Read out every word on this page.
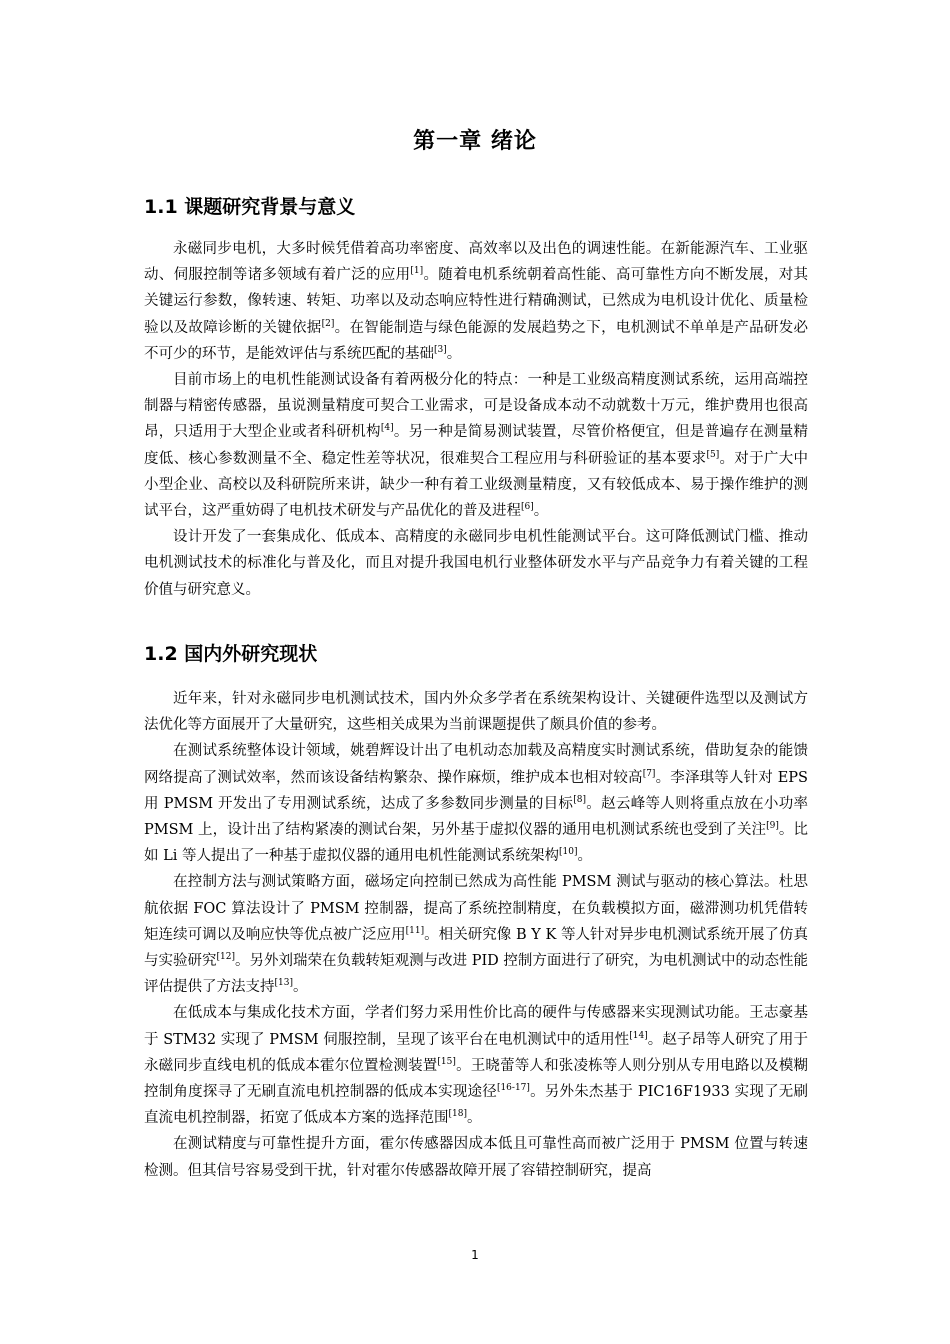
第一章 绪论
1.1 课题研究背景与意义

永磁同步电机，大多时候凭借着高功率密度、高效率以及出色的调速性能。在新能源汽车、工业驱动、伺服控制等诸多领域有着广泛的应用[1]。随着电机系统朝着高性能、高可靠性方向不断发展，对其关键运行参数，像转速、转矩、功率以及动态响应特性进行精确测试，已然成为电机设计优化、质量检验以及故障诊断的关键依据[2]。在智能制造与绿色能源的发展趋势之下，电机测试不单单是产品研发必不可少的环节，是能效评估与系统匹配的基础[3]。

目前市场上的电机性能测试设备有着两极分化的特点：一种是工业级高精度测试系统，运用高端控制器与精密传感器，虽说测量精度可契合工业需求，可是设备成本动不动就数十万元，维护费用也很高昂，只适用于大型企业或者科研机构[4]。另一种是简易测试装置，尽管价格便宜，但是普遍存在测量精度低、核心参数测量不全、稳定性差等状况，很难契合工程应用与科研验证的基本要求[5]。对于广大中小型企业、高校以及科研院所来讲，缺少一种有着工业级测量精度，又有较低成本、易于操作维护的测试平台，这严重妨碍了电机技术研发与产品优化的普及进程[6]。

设计开发了一套集成化、低成本、高精度的永磁同步电机性能测试平台。这可降低测试门槛、推动电机测试技术的标准化与普及化，而且对提升我国电机行业整体研发水平与产品竞争力有着关键的工程价值与研究意义。

1.2 国内外研究现状

近年来，针对永磁同步电机测试技术，国内外众多学者在系统架构设计、关键硬件选型以及测试方法优化等方面展开了大量研究，这些相关成果为当前课题提供了颇具价值的参考。

在测试系统整体设计领域，姚碧辉设计出了电机动态加载及高精度实时测试系统，借助复杂的能馈网络提高了测试效率，然而该设备结构繁杂、操作麻烦，维护成本也相对较高[7]。李泽琪等人针对 EPS 用 PMSM 开发出了专用测试系统，达成了多参数同步测量的目标[8]。赵云峰等人则将重点放在小功率 PMSM 上，设计出了结构紧凑的测试台架，另外基于虚拟仪器的通用电机测试系统也受到了关注[9]。比如 Li 等人提出了一种基于虚拟仪器的通用电机性能测试系统架构[10]。

在控制方法与测试策略方面，磁场定向控制已然成为高性能 PMSM 测试与驱动的核心算法。杜思航依据 FOC 算法设计了 PMSM 控制器，提高了系统控制精度，在负载模拟方面，磁滞测功机凭借转矩连续可调以及响应快等优点被广泛应用[11]。相关研究像 B Y K 等人针对异步电机测试系统开展了仿真与实验研究[12]。另外刘瑞荣在负载转矩观测与改进 PID 控制方面进行了研究，为电机测试中的动态性能评估提供了方法支持[13]。

在低成本与集成化技术方面，学者们努力采用性价比高的硬件与传感器来实现测试功能。王志豪基于 STM32 实现了 PMSM 伺服控制，呈现了该平台在电机测试中的适用性[14]。赵子昂等人研究了用于永磁同步直线电机的低成本霍尔位置检测装置[15]。王晓蕾等人和张凌栋等人则分别从专用电路以及模糊控制角度探寻了无刷直流电机控制器的低成本实现途径[16-17]。另外朱杰基于 PIC16F1933 实现了无刷直流电机控制器，拓宽了低成本方案的选择范围[18]。

在测试精度与可靠性提升方面，霍尔传感器因成本低且可靠性高而被广泛用于 PMSM 位置与转速检测。但其信号容易受到干扰，针对霍尔传感器故障开展了容错控制研究，提高

1
